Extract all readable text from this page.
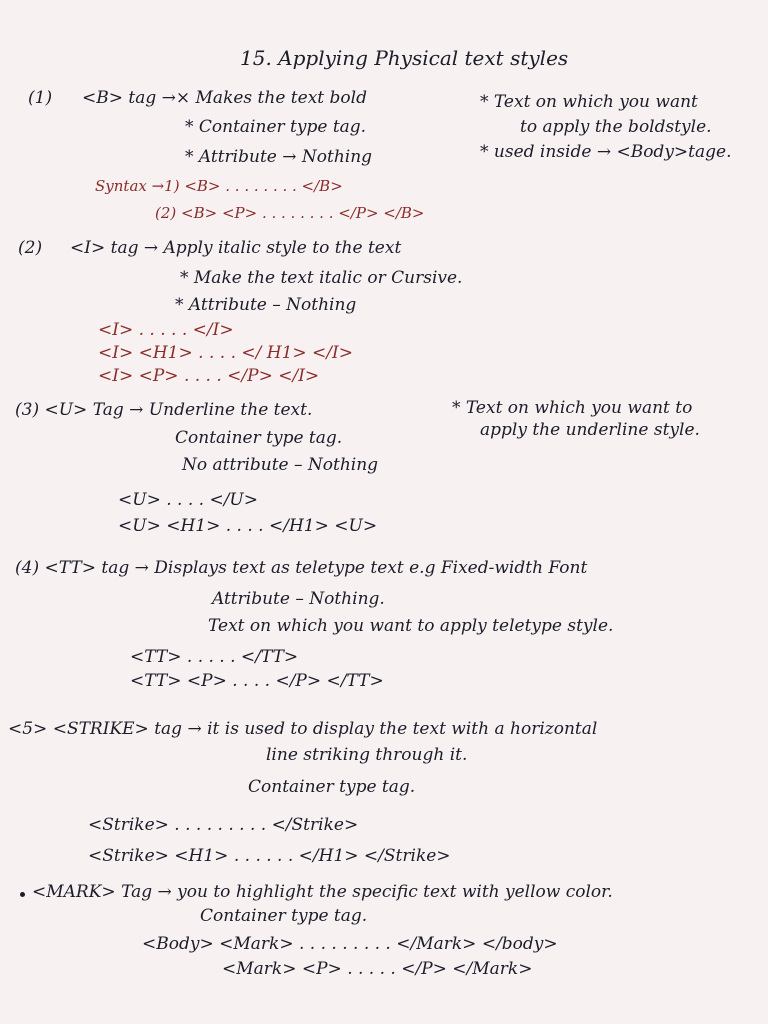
15. Applying Physical text styles
(1) <B> tag →× Makes the text bold
* Container type tag.
* Attribute → Nothing
* Text on which you want
to apply the boldstyle.
* used inside → <Body>tage.
Syntax →1) <B> . . . . . . . . </B>
(2) <B> <P> . . . . . . . . </P> </B>
(2) <I> tag → Apply italic style to the text
* Make the text italic or Cursive.
* Attribute – Nothing
<I> . . . . . </I>
<I> <H1> . . . . </ H1> </I>
<I> <P> . . . . </P> </I>
(3) <U> Tag → Underline the text.
Container type tag.
No attribute – Nothing
* Text on which you want to
apply the underline style.
<U> . . . . </U>
<U> <H1> . . . . </H1> <U>
(4) <TT> tag → Displays text as teletype text e.g Fixed-width Font
Attribute – Nothing.
Text on which you want to apply teletype style.
<TT> . . . . . </TT>
<TT> <P> . . . . </P> </TT>
<5> <STRIKE> tag → it is used to display the text with a horizontal
line striking through it.
Container type tag.
<Strike> . . . . . . . . . </Strike>
<Strike> <H1> . . . . . . </H1> </Strike>
<MARK> Tag → you to highlight the specific text with yellow color.
Container type tag.
<Body> <Mark> . . . . . . . . . </Mark> </body>
<Mark> <P> . . . . . </P> </Mark>
